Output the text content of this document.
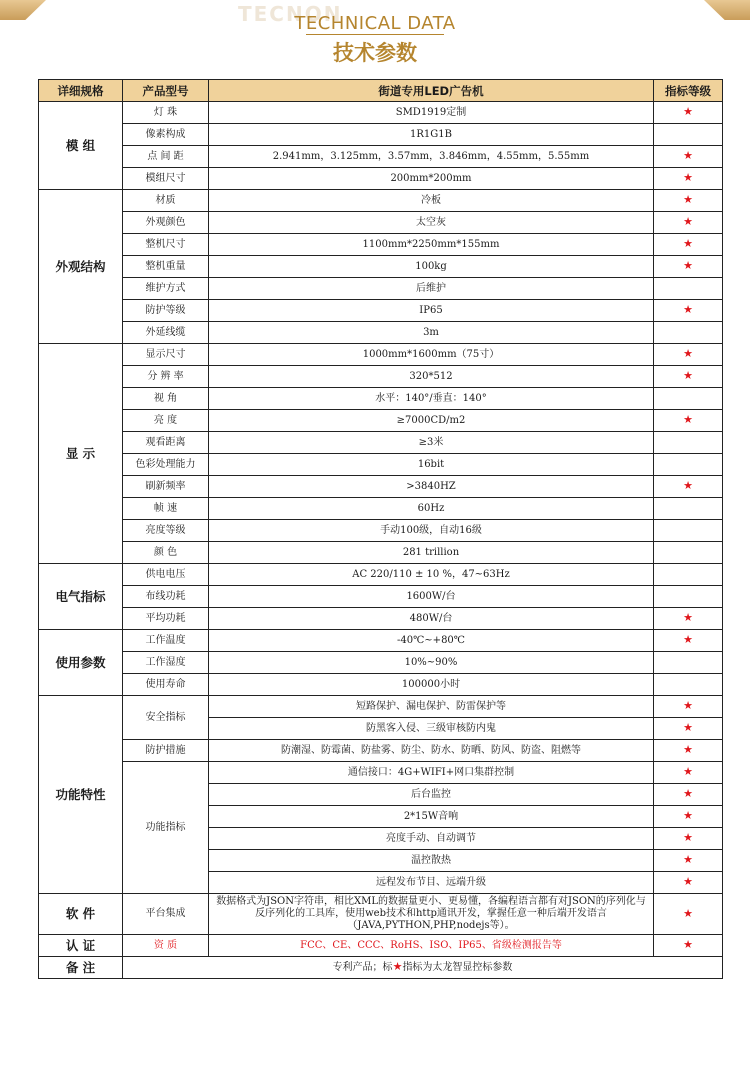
TECNON
TECHNICAL DATA
技术参数
详细规格	产品型号	街道专用LED广告机	指标等级
模 组	灯 珠	SMD1919定制	★
	像素构成	1R1G1B	
	点 间 距	2.941mm，3.125mm，3.57mm，3.846mm，4.55mm，5.55mm	★
	模组尺寸	200mm*200mm	★
外观结构	材质	冷板	★
	外观颜色	太空灰	★
	整机尺寸	1100mm*2250mm*155mm	★
	整机重量	100kg	★
	维护方式	后维护	
	防护等级	IP65	★
	外延线缆	3m	
显 示	显示尺寸	1000mm*1600mm（75寸）	★
	分 辨 率	320*512	★
	视 角	水平：140°/垂直：140°	
	亮 度	≥7000CD/m2	★
	观看距离	≥3米	
	色彩处理能力	16bit	
	刷新频率	>3840HZ	★
	帧 速	60Hz	
	亮度等级	手动100级，自动16级	
	颜 色	281 trillion	
电气指标	供电电压	AC 220/110 ± 10 %，47~63Hz	
	布线功耗	1600W/台	
	平均功耗	480W/台	★
使用参数	工作温度	-40℃~+80℃	★
	工作湿度	10%~90%	
	使用寿命	100000小时	
功能特性	安全指标	短路保护、漏电保护、防雷保护等	★
		防黑客入侵、三级审核防内鬼	★
	防护措施	防潮湿、防霉菌、防盐雾、防尘、防水、防晒、防风、防盗、阻燃等	★
	功能指标	通信接口：4G+WIFI+网口集群控制	★
		后台监控	★
		2*15W音响	★
		亮度手动、自动调节	★
		温控散热	★
		远程发布节目、远端升级	★
软 件	平台集成	数据格式为JSON字符串，相比XML的数据量更小、更易懂，各编程语言都有对JSON的序列化与反序列化的工具库，使用web技术和http通讯开发，掌握任意一种后端开发语言（JAVA,PYTHON,PHP,nodejs等）。	★
认 证	资 质	FCC、CE、CCC、RoHS、ISO、IP65、省级检测报告等	★
备 注	专利产品；标★指标为太龙智显控标参数		
